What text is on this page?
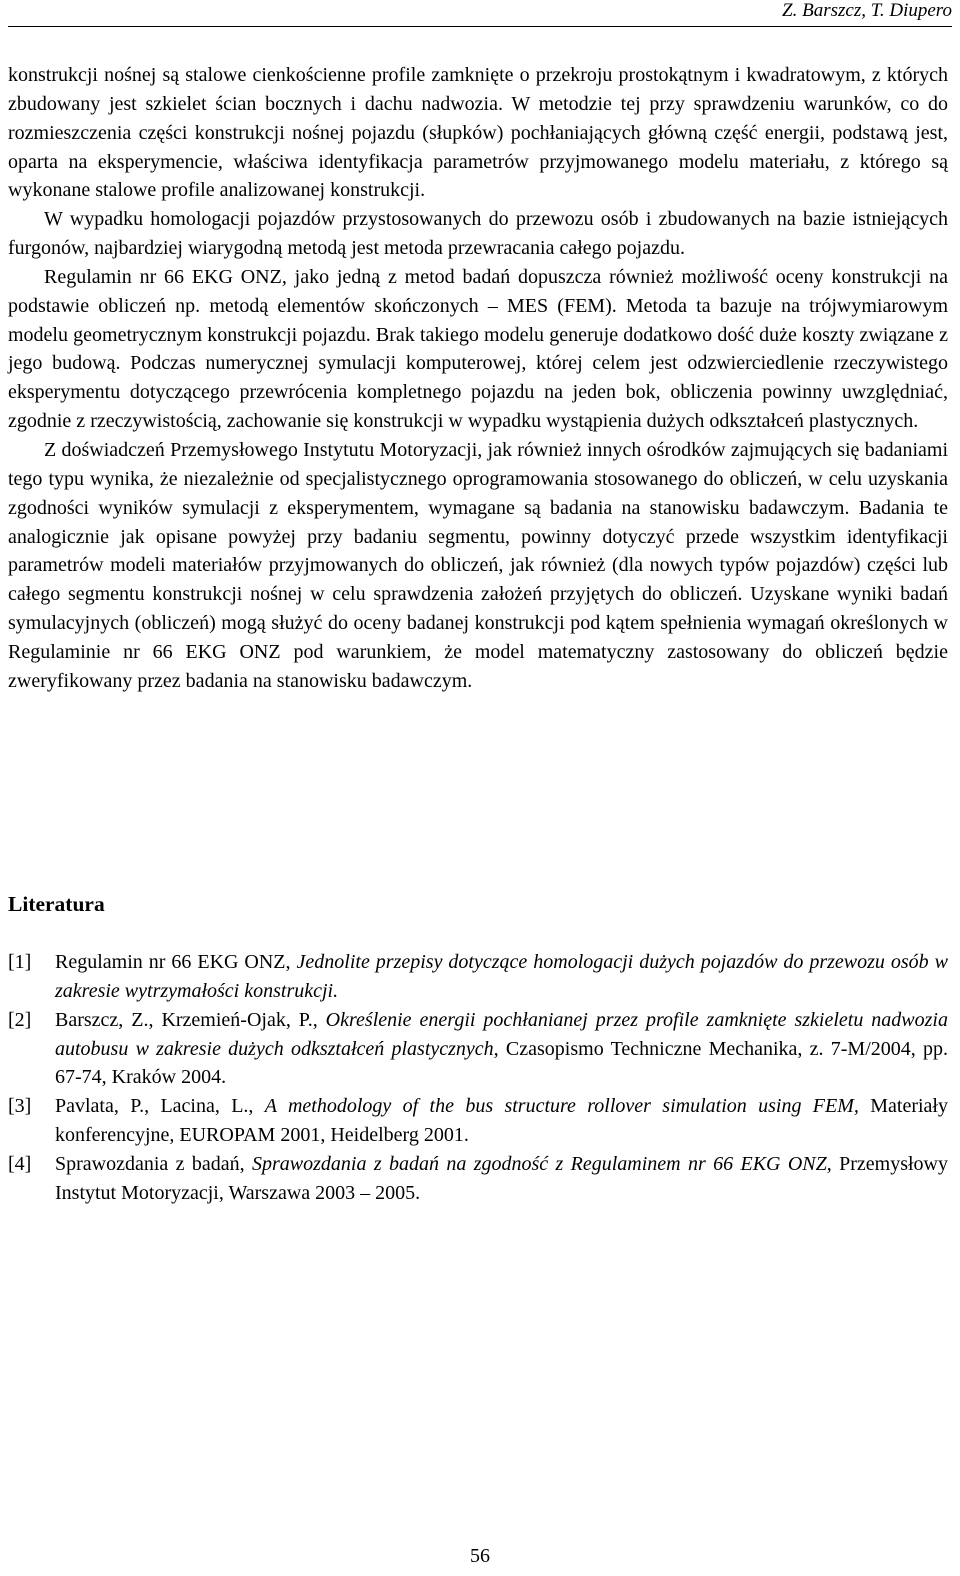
Z. Barszcz, T. Diupero

konstrukcji nośnej są stalowe cienkościenne profile zamknięte o przekroju prostokątnym i kwadratowym, z których zbudowany jest szkielet ścian bocznych i dachu nadwozia. W metodzie tej przy sprawdzeniu warunków, co do rozmieszczenia części konstrukcji nośnej pojazdu (słupków) pochłaniających główną część energii, podstawą jest, oparta na eksperymencie, właściwa identyfikacja parametrów przyjmowanego modelu materiału, z którego są wykonane stalowe profile analizowanej konstrukcji.

W wypadku homologacji pojazdów przystosowanych do przewozu osób i zbudowanych na bazie istniejących furgonów, najbardziej wiarygodną metodą jest metoda przewracania całego pojazdu.

Regulamin nr 66 EKG ONZ, jako jedną z metod badań dopuszcza również możliwość oceny konstrukcji na podstawie obliczeń np. metodą elementów skończonych – MES (FEM). Metoda ta bazuje na trójwymiarowym modelu geometrycznym konstrukcji pojazdu. Brak takiego modelu generuje dodatkowo dość duże koszty związane z jego budową. Podczas numerycznej symulacji komputerowej, której celem jest odzwierciedlenie rzeczywistego eksperymentu dotyczącego przewrócenia kompletnego pojazdu na jeden bok, obliczenia powinny uwzględniać, zgodnie z rzeczywistością, zachowanie się konstrukcji w wypadku wystąpienia dużych odkształceń plastycznych.

Z doświadczeń Przemysłowego Instytutu Motoryzacji, jak również innych ośrodków zajmujących się badaniami tego typu wynika, że niezależnie od specjalistycznego oprogramowania stosowanego do obliczeń, w celu uzyskania zgodności wyników symulacji z eksperymentem, wymagane są badania na stanowisku badawczym. Badania te analogicznie jak opisane powyżej przy badaniu segmentu, powinny dotyczyć przede wszystkim identyfikacji parametrów modeli materiałów przyjmowanych do obliczeń, jak również (dla nowych typów pojazdów) części lub całego segmentu konstrukcji nośnej w celu sprawdzenia założeń przyjętych do obliczeń. Uzyskane wyniki badań symulacyjnych (obliczeń) mogą służyć do oceny badanej konstrukcji pod kątem spełnienia wymagań określonych w Regulaminie nr 66 EKG ONZ pod warunkiem, że model matematyczny zastosowany do obliczeń będzie zweryfikowany przez badania na stanowisku badawczym.

Literatura
[1]	Regulamin nr 66 EKG ONZ, Jednolite przepisy dotyczące homologacji dużych pojazdów do przewozu osób w zakresie wytrzymałości konstrukcji.
[2]	Barszcz, Z., Krzemień-Ojak, P., Określenie energii pochłanianej przez profile zamknięte szkieletu nadwozia autobusu w zakresie dużych odkształceń plastycznych, Czasopismo Techniczne Mechanika, z. 7-M/2004, pp. 67-74, Kraków 2004.
[3]	Pavlata, P., Lacina, L., A methodology of the bus structure rollover simulation using FEM, Materiały konferencyjne, EUROPAM 2001, Heidelberg 2001.
[4]	Sprawozdania z badań, Sprawozdania z badań na zgodność z Regulaminem nr 66 EKG ONZ, Przemysłowy Instytut Motoryzacji, Warszawa 2003 – 2005.
56
